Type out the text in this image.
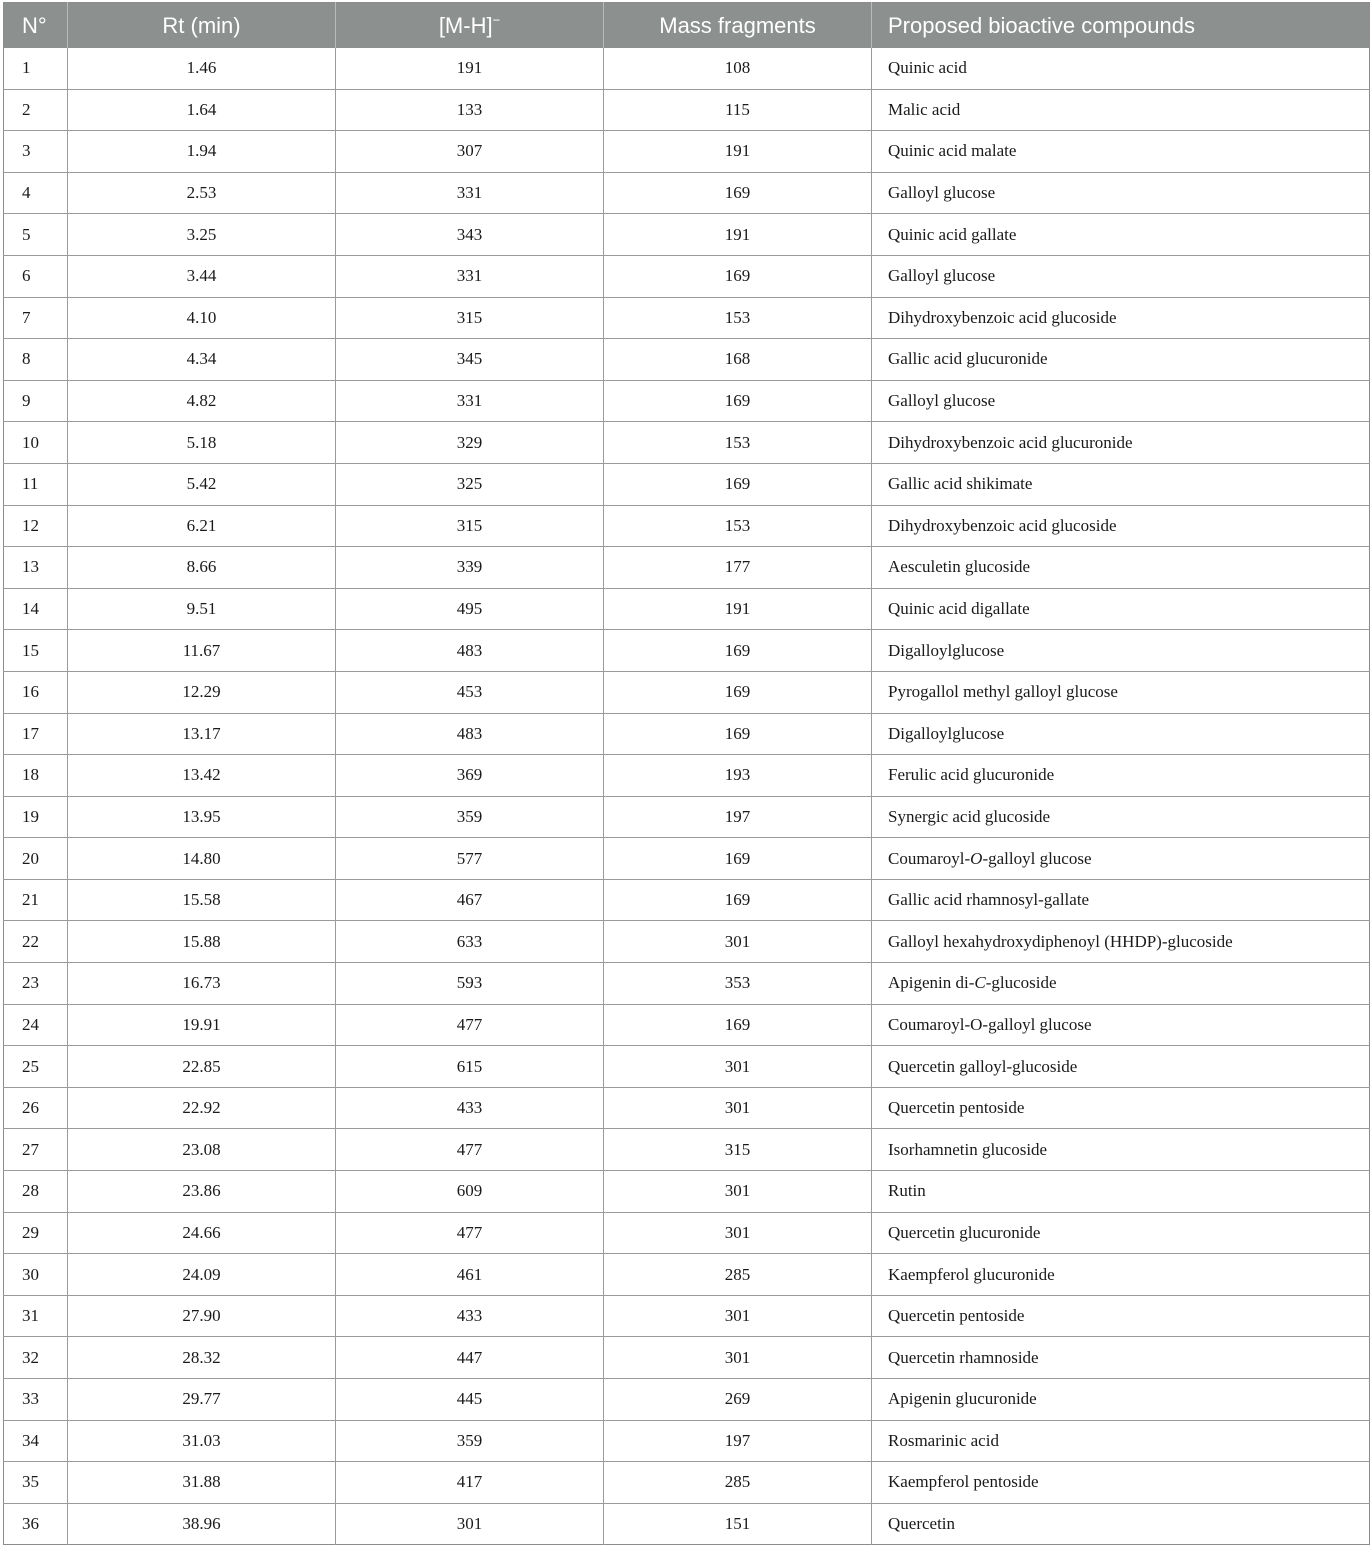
N°	Rt (min)	[M-H]−	Mass fragments	Proposed bioactive compounds
1	1.46	191	108	Quinic acid
2	1.64	133	115	Malic acid
3	1.94	307	191	Quinic acid malate
4	2.53	331	169	Galloyl glucose
5	3.25	343	191	Quinic acid gallate
6	3.44	331	169	Galloyl glucose
7	4.10	315	153	Dihydroxybenzoic acid glucoside
8	4.34	345	168	Gallic acid glucuronide
9	4.82	331	169	Galloyl glucose
10	5.18	329	153	Dihydroxybenzoic acid glucuronide
11	5.42	325	169	Gallic acid shikimate
12	6.21	315	153	Dihydroxybenzoic acid glucoside
13	8.66	339	177	Aesculetin glucoside
14	9.51	495	191	Quinic acid digallate
15	11.67	483	169	Digalloylglucose
16	12.29	453	169	Pyrogallol methyl galloyl glucose
17	13.17	483	169	Digalloylglucose
18	13.42	369	193	Ferulic acid glucuronide
19	13.95	359	197	Synergic acid glucoside
20	14.80	577	169	Coumaroyl-O-galloyl glucose
21	15.58	467	169	Gallic acid rhamnosyl-gallate
22	15.88	633	301	Galloyl hexahydroxydiphenoyl (HHDP)-glucoside
23	16.73	593	353	Apigenin di-C-glucoside
24	19.91	477	169	Coumaroyl-O-galloyl glucose
25	22.85	615	301	Quercetin galloyl-glucoside
26	22.92	433	301	Quercetin pentoside
27	23.08	477	315	Isorhamnetin glucoside
28	23.86	609	301	Rutin
29	24.66	477	301	Quercetin glucuronide
30	24.09	461	285	Kaempferol glucuronide
31	27.90	433	301	Quercetin pentoside
32	28.32	447	301	Quercetin rhamnoside
33	29.77	445	269	Apigenin glucuronide
34	31.03	359	197	Rosmarinic acid
35	31.88	417	285	Kaempferol pentoside
36	38.96	301	151	Quercetin
